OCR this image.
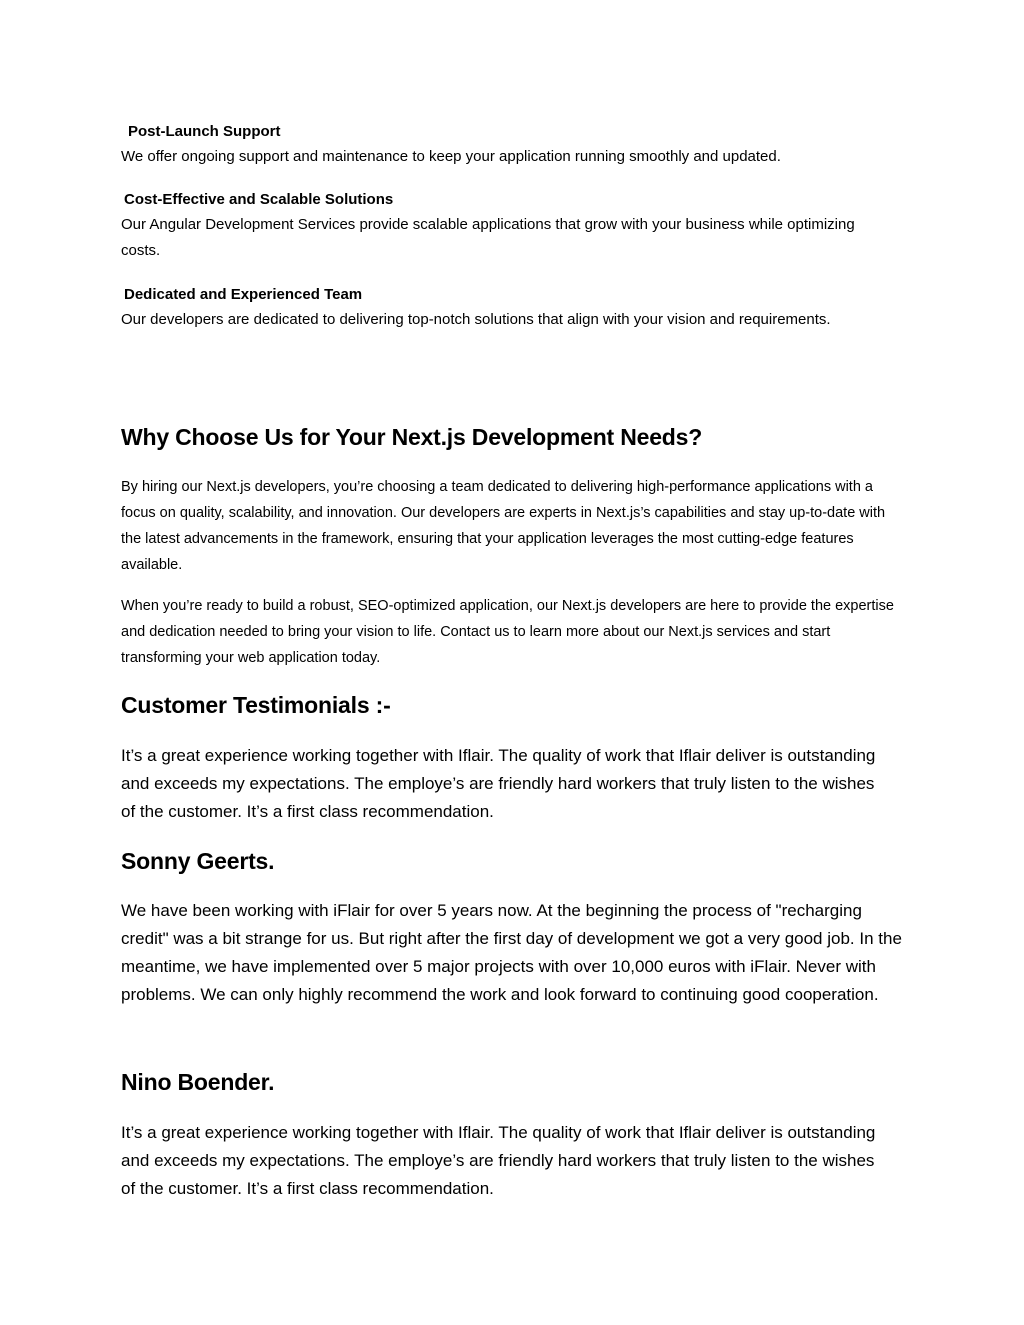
Post-Launch Support

We offer ongoing support and maintenance to keep your application running smoothly and updated.

Cost-Effective and Scalable Solutions

Our Angular Development Services provide scalable applications that grow with your business while optimizing costs.

Dedicated and Experienced Team

Our developers are dedicated to delivering top-notch solutions that align with your vision and requirements.

Why Choose Us for Your Next.js Development Needs?

By hiring our Next.js developers, you’re choosing a team dedicated to delivering high-performance applications with a focus on quality, scalability, and innovation. Our developers are experts in Next.js’s capabilities and stay up-to-date with the latest advancements in the framework, ensuring that your application leverages the most cutting-edge features available.

When you’re ready to build a robust, SEO-optimized application, our Next.js developers are here to provide the expertise and dedication needed to bring your vision to life. Contact us to learn more about our Next.js services and start transforming your web application today.

Customer Testimonials :-

It’s a great experience working together with Iflair. The quality of work that Iflair deliver is outstanding and exceeds my expectations. The employe’s are friendly hard workers that truly listen to the wishes of the customer. It’s a first class recommendation.

Sonny Geerts.

We have been working with iFlair for over 5 years now. At the beginning the process of "recharging credit" was a bit strange for us. But right after the first day of development we got a very good job. In the meantime, we have implemented over 5 major projects with over 10,000 euros with iFlair. Never with problems. We can only highly recommend the work and look forward to continuing good cooperation.

Nino Boender.

It’s a great experience working together with Iflair. The quality of work that Iflair deliver is outstanding and exceeds my expectations. The employe’s are friendly hard workers that truly listen to the wishes of the customer. It’s a first class recommendation.
